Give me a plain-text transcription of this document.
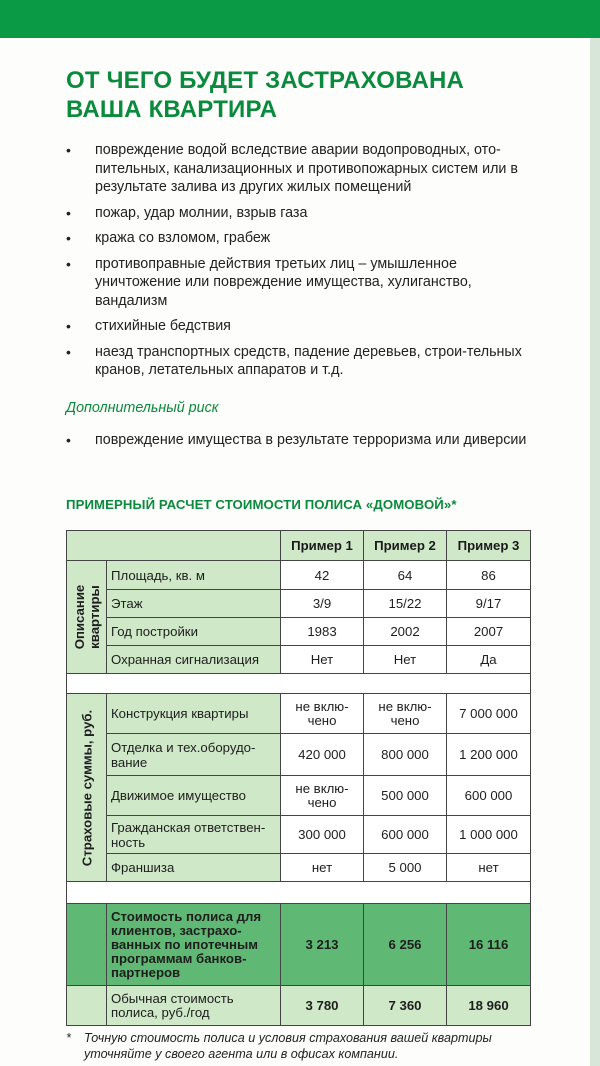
ОТ ЧЕГО БУДЕТ ЗАСТРАХОВАНА ВАША КВАРТИРА
• повреждение водой вследствие аварии водопроводных, ото-пительных, канализационных и противопожарных систем или в результате залива из других жилых помещений
• пожар, удар молнии, взрыв газа
• кража со взломом, грабеж
• противоправные действия третьих лиц – умышленное уничтожение или повреждение имущества, хулиганство, вандализм
• стихийные бедствия
• наезд транспортных средств, падение деревьев, строи-тельных кранов, летательных аппаратов и т.д.
Дополнительный риск
• повреждение имущества в результате терроризма или диверсии
ПРИМЕРНЫЙ РАСЧЕТ СТОИМОСТИ ПОЛИСА «ДОМОВОЙ»*
		Пример 1	Пример 2	Пример 3

Описание квартиры	Площадь, кв. м	42	64	86
	Этаж	3/9	15/22	9/17
	Год постройки	1983	2002	2007
	Охранная сигнализация	Нет	Нет	Да

Страховые суммы, руб.	Конструкция квартиры	не вклю-чено	не вклю-чено	7 000 000
	Отделка и тех.оборудо-вание	420 000	800 000	1 200 000
	Движимое имущество	не вклю-чено	500 000	600 000
	Гражданская ответствен-ность	300 000	600 000	1 000 000
	Франшиза	нет	5 000	нет

	Стоимость полиса для клиентов, застрахо-ванных по ипотечным программам банков-партнеров	3 213	6 256	16 116
	Обычная стоимость полиса, руб./год	3 780	7 360	18 960
*	Точную стоимость полиса и условия страхования вашей квартиры уточняйте у своего агента или в офисах компании.
